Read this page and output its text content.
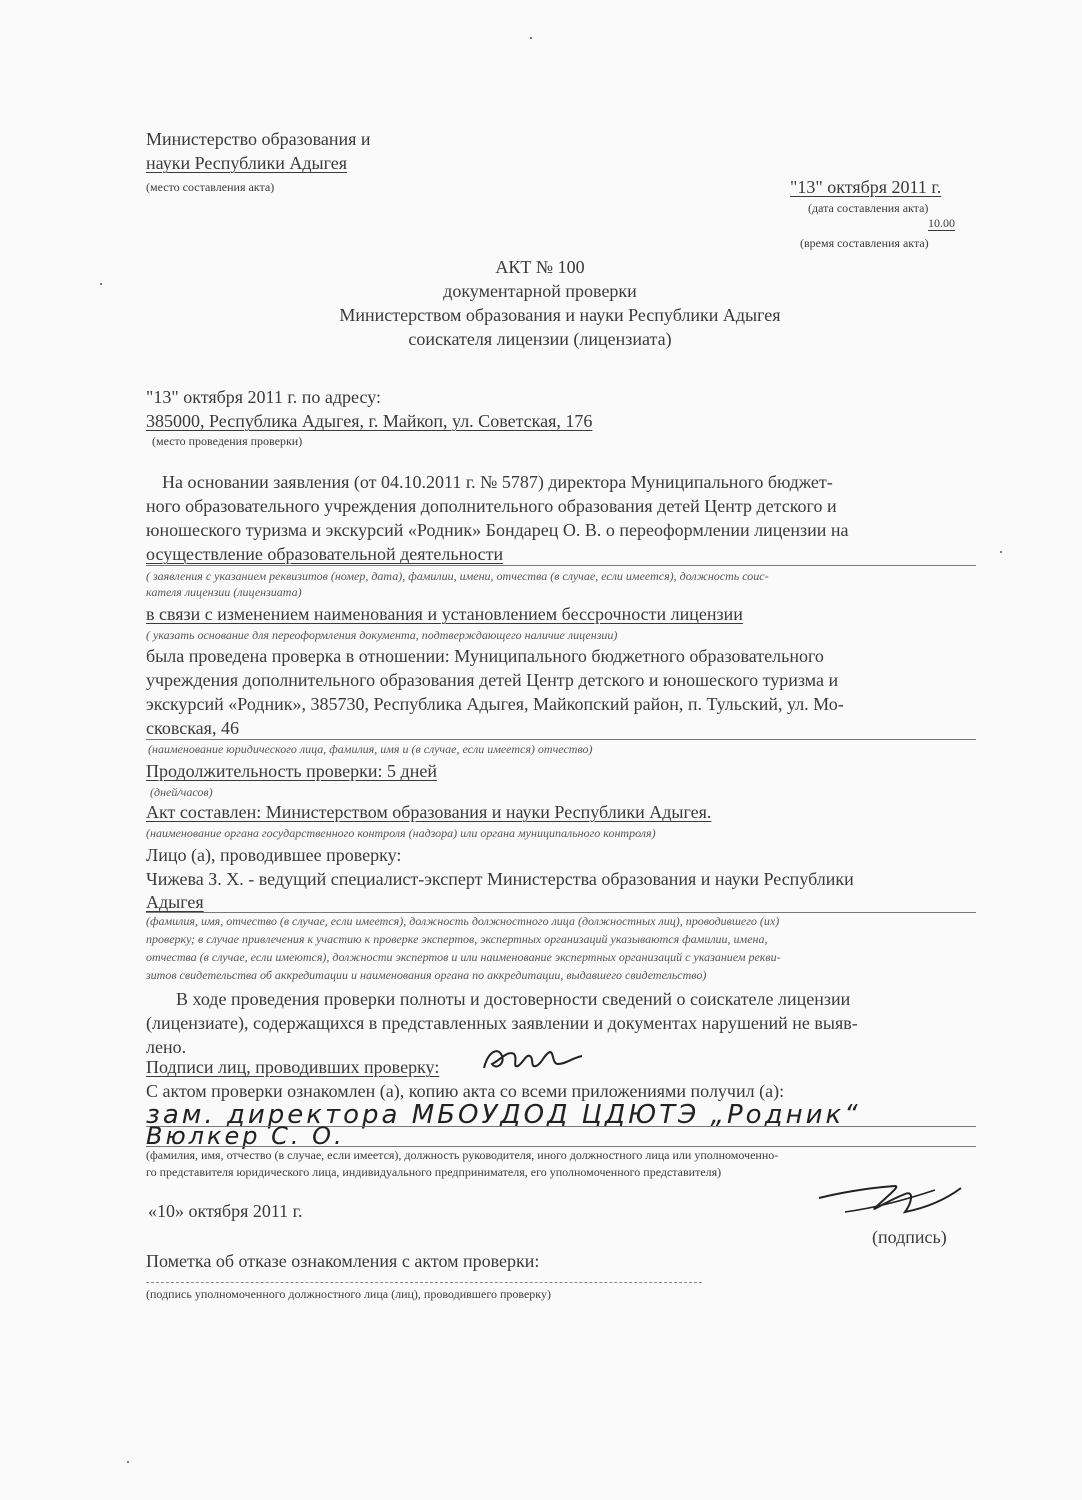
Министерство образования и
науки Республики Адыгея
(место составления акта)	"13" октября 2011 г.
(дата составления акта)
10.00
(время составления акта)
АКТ № 100
документарной проверки
Министерством образования и науки Республики Адыгея
соискателя лицензии (лицензиата)
"13" октября 2011 г. по адресу:
385000, Республика Адыгея, г. Майкоп, ул. Советская, 176
(место проведения проверки)
На основании заявления (от 04.10.2011 г. № 5787) директора Муниципального бюджет-
ного образовательного учреждения дополнительного образования детей Центр детского и
юношеского туризма и экскурсий «Родник» Бондарец О. В. о переоформлении лицензии на
осуществление образовательной деятельности
( заявления с указанием реквизитов (номер, дата), фамилии, имени, отчества (в случае, если имеется), должность соис-
кателя лицензии (лицензиата)
в связи с изменением наименования и установлением бессрочности лицензии
( указать основание для переоформления документа, подтверждающего наличие лицензии)
была проведена проверка в отношении: Муниципального бюджетного образовательного
учреждения дополнительного образования детей Центр детского и юношеского туризма и
экскурсий «Родник», 385730, Республика Адыгея, Майкопский район, п. Тульский, ул. Мо-
сковская, 46
(наименование юридического лица, фамилия, имя и (в случае, если имеется) отчество)
Продолжительность проверки: 5 дней
(дней/часов)
Акт составлен: Министерством образования и науки Республики Адыгея.
(наименование органа государственного контроля (надзора) или органа муниципального контроля)
Лицо (а), проводившее проверку:
Чижева З. Х. - ведущий специалист-эксперт Министерства образования и науки Республики
Адыгея
(фамилия, имя, отчество (в случае, если имеется), должность должностного лица (должностных лиц), проводившего (их)
проверку; в случае привлечения к участию к проверке экспертов, экспертных организаций указываются фамилии, имена,
отчества (в случае, если имеются), должности экспертов и или наименование экспертных организаций с указанием рекви-
зитов свидетельства об аккредитации и наименования органа по аккредитации, выдавшего свидетельство)
В ходе проведения проверки полноты и достоверности сведений о соискателе лицензии
(лицензиате), содержащихся в представленных заявлении и документах нарушений не выяв-
лено.
Подписи лиц, проводивших проверку:
С актом проверки ознакомлен (а), копию акта со всеми приложениями получил (а):
зам. директора МБОУДОД ЦДЮТЭ „Родник“
Вюлкер С. О.
(фамилия, имя, отчество (в случае, если имеется), должность руководителя, иного должностного лица или уполномоченно-
го представителя юридического лица, индивидуального предпринимателя, его уполномоченного представителя)
«10» октября 2011 г.
(подпись)
Пометка об отказе ознакомления с актом проверки:
(подпись уполномоченного должностного лица (лиц), проводившего проверку)
